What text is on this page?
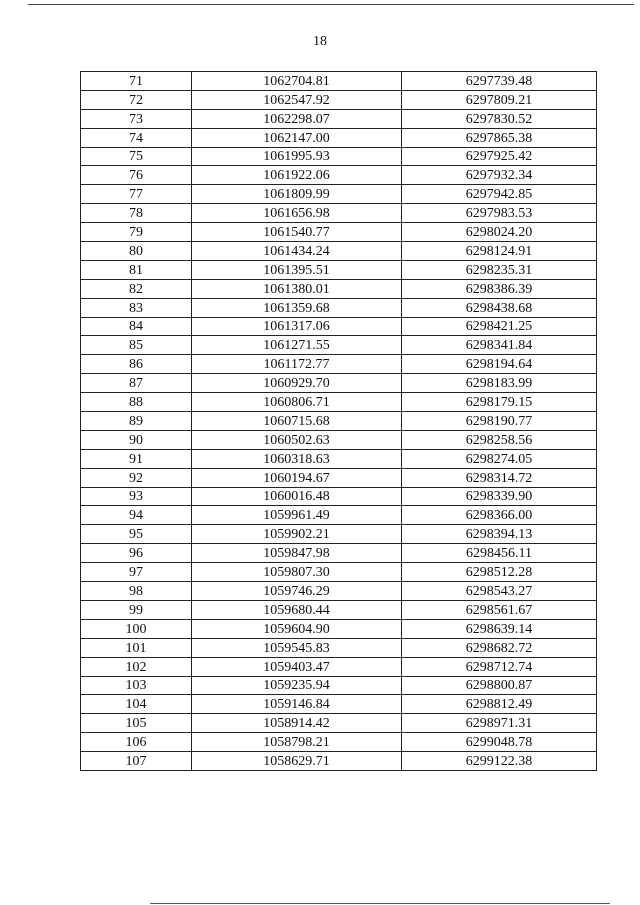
18
71	1062704.81	6297739.48
72	1062547.92	6297809.21
73	1062298.07	6297830.52
74	1062147.00	6297865.38
75	1061995.93	6297925.42
76	1061922.06	6297932.34
77	1061809.99	6297942.85
78	1061656.98	6297983.53
79	1061540.77	6298024.20
80	1061434.24	6298124.91
81	1061395.51	6298235.31
82	1061380.01	6298386.39
83	1061359.68	6298438.68
84	1061317.06	6298421.25
85	1061271.55	6298341.84
86	1061172.77	6298194.64
87	1060929.70	6298183.99
88	1060806.71	6298179.15
89	1060715.68	6298190.77
90	1060502.63	6298258.56
91	1060318.63	6298274.05
92	1060194.67	6298314.72
93	1060016.48	6298339.90
94	1059961.49	6298366.00
95	1059902.21	6298394.13
96	1059847.98	6298456.11
97	1059807.30	6298512.28
98	1059746.29	6298543.27
99	1059680.44	6298561.67
100	1059604.90	6298639.14
101	1059545.83	6298682.72
102	1059403.47	6298712.74
103	1059235.94	6298800.87
104	1059146.84	6298812.49
105	1058914.42	6298971.31
106	1058798.21	6299048.78
107	1058629.71	6299122.38
